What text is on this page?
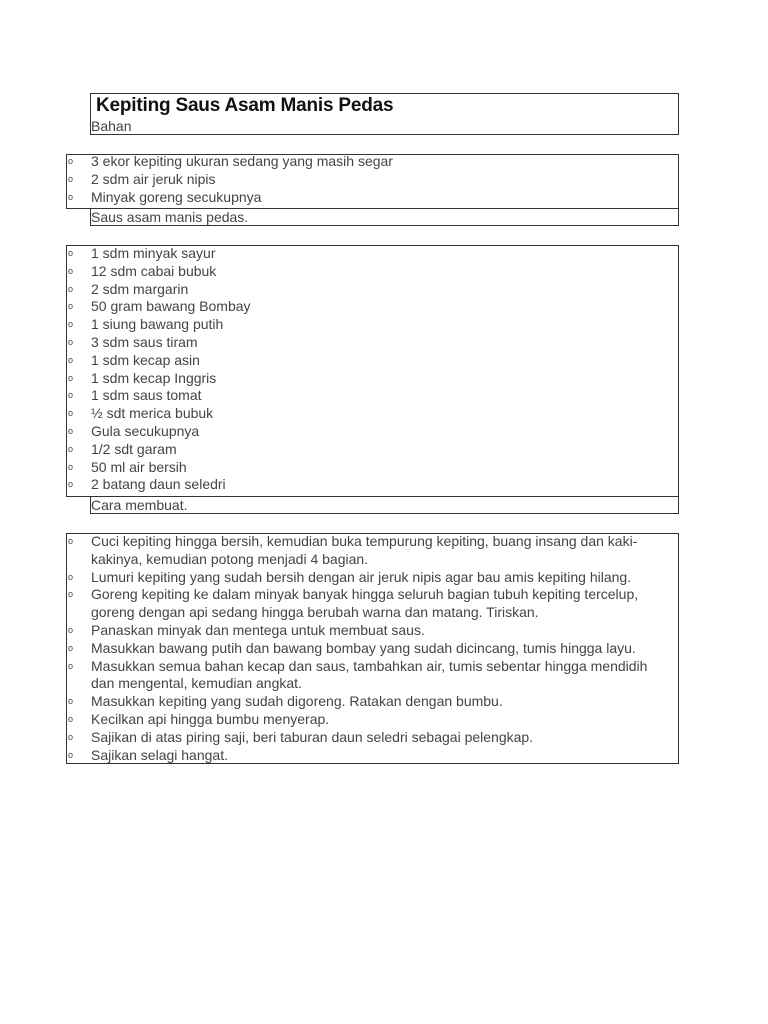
Kepiting Saus Asam Manis Pedas
Bahan
o 3 ekor kepiting ukuran sedang yang masih segar
o 2 sdm air jeruk nipis
o Minyak goreng secukupnya
Saus asam manis pedas.
o 1 sdm minyak sayur
o 12 sdm cabai bubuk
o 2 sdm margarin
o 50 gram bawang Bombay
o 1 siung bawang putih
o 3 sdm saus tiram
o 1 sdm kecap asin
o 1 sdm kecap Inggris
o 1 sdm saus tomat
o ½ sdt merica bubuk
o Gula secukupnya
o 1/2 sdt garam
o 50 ml air bersih
o 2 batang daun seledri
Cara membuat.
o Cuci kepiting hingga bersih, kemudian buka tempurung kepiting, buang insang dan kaki-kakinya, kemudian potong menjadi 4 bagian.
o Lumuri kepiting yang sudah bersih dengan air jeruk nipis agar bau amis kepiting hilang.
o Goreng kepiting ke dalam minyak banyak hingga seluruh bagian tubuh kepiting tercelup, goreng dengan api sedang hingga berubah warna dan matang. Tiriskan.
o Panaskan minyak dan mentega untuk membuat saus.
o Masukkan bawang putih dan bawang bombay yang sudah dicincang, tumis hingga layu.
o Masukkan semua bahan kecap dan saus, tambahkan air, tumis sebentar hingga mendidih dan mengental, kemudian angkat.
o Masukkan kepiting yang sudah digoreng. Ratakan dengan bumbu.
o Kecilkan api hingga bumbu menyerap.
o Sajikan di atas piring saji, beri taburan daun seledri sebagai pelengkap.
o Sajikan selagi hangat.
